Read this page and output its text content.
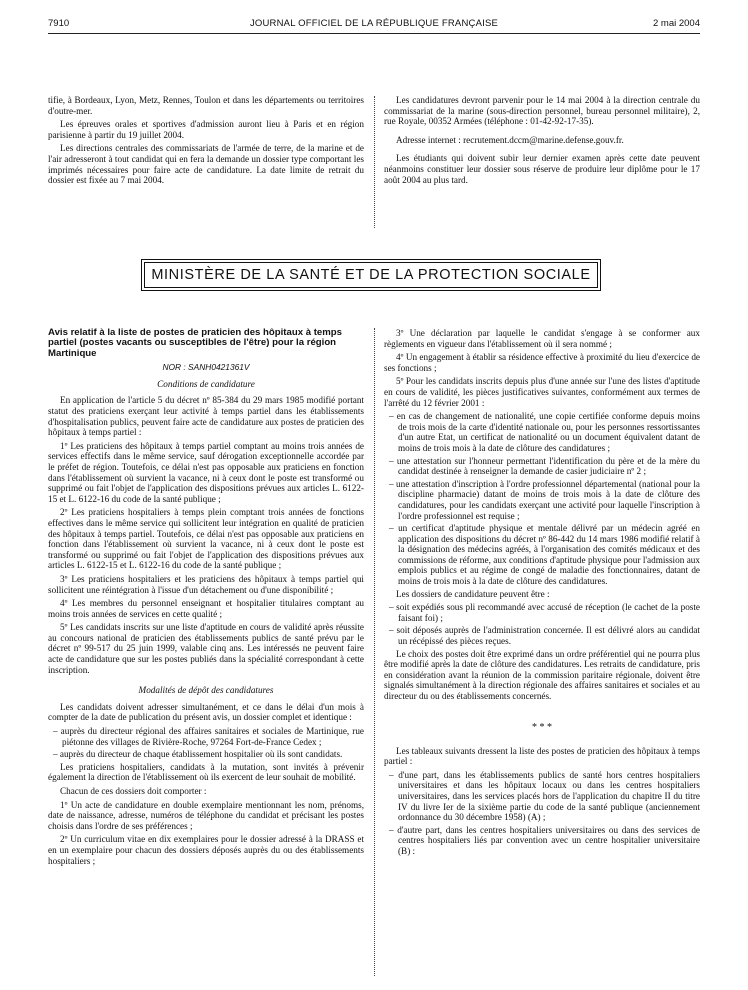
7910	JOURNAL OFFICIEL DE LA RÉPUBLIQUE FRANÇAISE	2 mai 2004

tifie, à Bordeaux, Lyon, Metz, Rennes, Toulon et dans les départements ou territoires d'outre-mer.

Les épreuves orales et sportives d'admission auront lieu à Paris et en région parisienne à partir du 19 juillet 2004.

Les directions centrales des commissariats de l'armée de terre, de la marine et de l'air adresseront à tout candidat qui en fera la demande un dossier type comportant les imprimés nécessaires pour faire acte de candidature. La date limite de retrait du dossier est fixée au 7 mai 2004.

Les candidatures devront parvenir pour le 14 mai 2004 à la direction centrale du commissariat de la marine (sous-direction personnel, bureau personnel militaire), 2, rue Royale, 00352 Armées (téléphone : 01-42-92-17-35).

Adresse internet : recrutement.dccm@marine.defense.gouv.fr.

Les étudiants qui doivent subir leur dernier examen après cette date peuvent néanmoins constituer leur dossier sous réserve de produire leur diplôme pour le 17 août 2004 au plus tard.

MINISTÈRE DE LA SANTÉ ET DE LA PROTECTION SOCIALE
Avis relatif à la liste de postes de praticien des hôpitaux à temps partiel (postes vacants ou susceptibles de l'être) pour la région Martinique
NOR : SANH0421361V

Conditions de candidature

En application de l'article 5 du décret nº 85-384 du 29 mars 1985 modifié portant statut des praticiens exerçant leur activité à temps partiel dans les établissements d'hospitalisation publics, peuvent faire acte de candidature aux postes de praticien des hôpitaux à temps partiel :

1º Les praticiens des hôpitaux à temps partiel comptant au moins trois années de services effectifs dans le même service, sauf dérogation exceptionnelle accordée par le préfet de région. Toutefois, ce délai n'est pas opposable aux praticiens en fonction dans l'établissement où survient la vacance, ni à ceux dont le poste est transformé ou supprimé ou fait l'objet de l'application des dispositions prévues aux articles L. 6122-15 et L. 6122-16 du code de la santé publique ;

2º Les praticiens hospitaliers à temps plein comptant trois années de fonctions effectives dans le même service qui sollicitent leur intégration en qualité de praticien des hôpitaux à temps partiel. Toutefois, ce délai n'est pas opposable aux praticiens en fonction dans l'établissement où survient la vacance, ni à ceux dont le poste est transformé ou supprimé ou fait l'objet de l'application des dispositions prévues aux articles L. 6122-15 et L. 6122-16 du code de la santé publique ;

3º Les praticiens hospitaliers et les praticiens des hôpitaux à temps partiel qui sollicitent une réintégration à l'issue d'un détachement ou d'une disponibilité ;

4º Les membres du personnel enseignant et hospitalier titulaires comptant au moins trois années de services en cette qualité ;

5º Les candidats inscrits sur une liste d'aptitude en cours de validité après réussite au concours national de praticien des établissements publics de santé prévu par le décret nº 99-517 du 25 juin 1999, valable cinq ans. Les intéressés ne peuvent faire acte de candidature que sur les postes publiés dans la spécialité correspondant à cette inscription.

Modalités de dépôt des candidatures

Les candidats doivent adresser simultanément, et ce dans le délai d'un mois à compter de la date de publication du présent avis, un dossier complet et identique :

– auprès du directeur régional des affaires sanitaires et sociales de Martinique, rue piétonne des villages de Rivière-Roche, 97264 Fort-de-France Cedex ;
– auprès du directeur de chaque établissement hospitalier où ils sont candidats.

Les praticiens hospitaliers, candidats à la mutation, sont invités à prévenir également la direction de l'établissement où ils exercent de leur souhait de mobilité.

Chacun de ces dossiers doit comporter :

1º Un acte de candidature en double exemplaire mentionnant les nom, prénoms, date de naissance, adresse, numéros de téléphone du candidat et précisant les postes choisis dans l'ordre de ses préférences ;

2º Un curriculum vitae en dix exemplaires pour le dossier adressé à la DRASS et en un exemplaire pour chacun des dossiers déposés auprès du ou des établissements hospitaliers ;

3º Une déclaration par laquelle le candidat s'engage à se conformer aux règlements en vigueur dans l'établissement où il sera nommé ;

4º Un engagement à établir sa résidence effective à proximité du lieu d'exercice de ses fonctions ;

5º Pour les candidats inscrits depuis plus d'une année sur l'une des listes d'aptitude en cours de validité, les pièces justificatives suivantes, conformément aux termes de l'arrêté du 12 février 2001 :

– en cas de changement de nationalité, une copie certifiée conforme depuis moins de trois mois de la carte d'identité nationale ou, pour les personnes ressortissantes d'un autre Etat, un certificat de nationalité ou un document équivalent datant de moins de trois mois à la date de clôture des candidatures ;
– une attestation sur l'honneur permettant l'identification du père et de la mère du candidat destinée à renseigner la demande de casier judiciaire nº 2 ;
– une attestation d'inscription à l'ordre professionnel départemental (national pour la discipline pharmacie) datant de moins de trois mois à la date de clôture des candidatures, pour les candidats exerçant une activité pour laquelle l'inscription à l'ordre professionnel est requise ;
– un certificat d'aptitude physique et mentale délivré par un médecin agréé en application des dispositions du décret nº 86-442 du 14 mars 1986 modifié relatif à la désignation des médecins agréés, à l'organisation des comités médicaux et des commissions de réforme, aux conditions d'aptitude physique pour l'admission aux emplois publics et au régime de congé de maladie des fonctionnaires, datant de moins de trois mois à la date de clôture des candidatures.

Les dossiers de candidature peuvent être :

– soit expédiés sous pli recommandé avec accusé de réception (le cachet de la poste faisant foi) ;
– soit déposés auprès de l'administration concernée. Il est délivré alors au candidat un récépissé des pièces reçues.

Le choix des postes doit être exprimé dans un ordre préférentiel qui ne pourra plus être modifié après la date de clôture des candidatures. Les retraits de candidature, pris en considération avant la réunion de la commission paritaire régionale, doivent être signalés simultanément à la direction régionale des affaires sanitaires et sociales et au directeur du ou des établissements concernés.

* * *

Les tableaux suivants dressent la liste des postes de praticien des hôpitaux à temps partiel :

– d'une part, dans les établissements publics de santé hors centres hospitaliers universitaires et dans les hôpitaux locaux ou dans les centres hospitaliers universitaires, dans les services placés hors de l'application du chapitre II du titre IV du livre Ier de la sixième partie du code de la santé publique (anciennement ordonnance du 30 décembre 1958) (A) ;
– d'autre part, dans les centres hospitaliers universitaires ou dans des services de centres hospitaliers liés par convention avec un centre hospitalier universitaire (B) :
